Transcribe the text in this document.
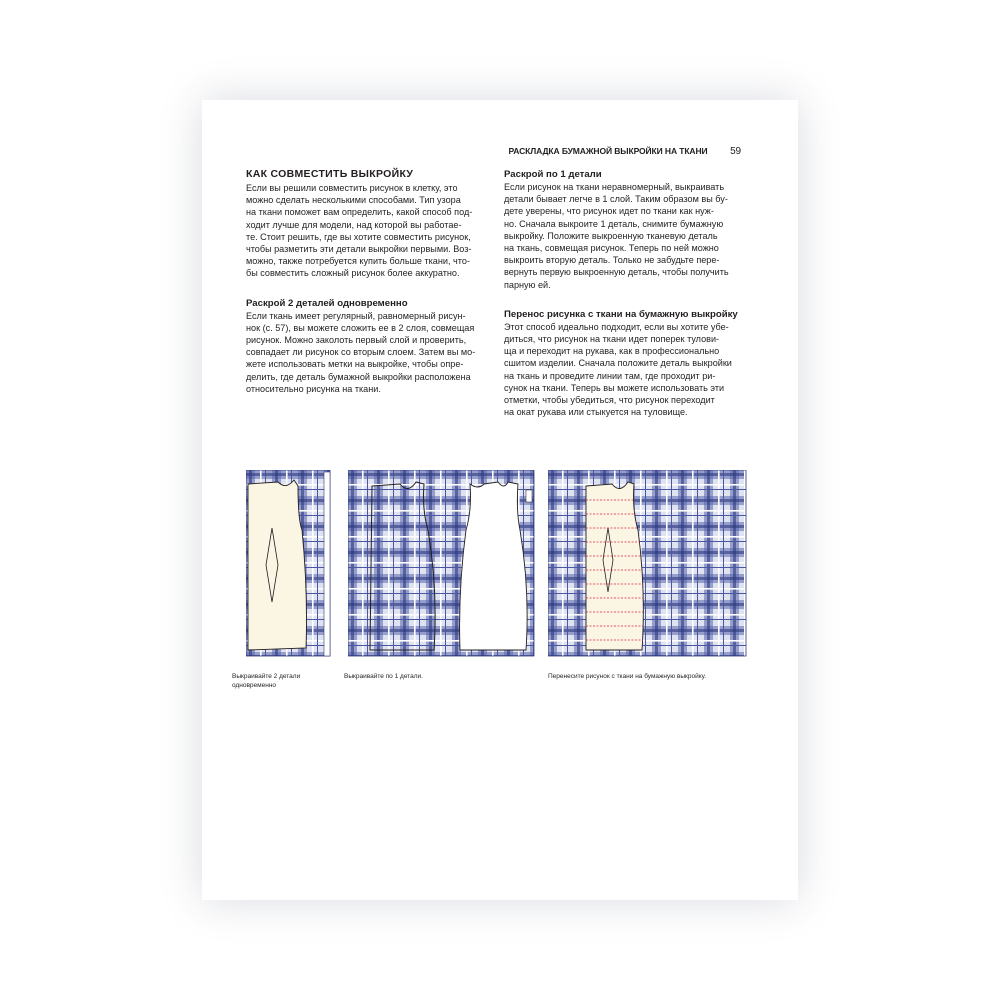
РАСКЛАДКА БУМАЖНОЙ ВЫКРОЙКИ НА ТКАНИ 59
КАК СОВМЕСТИТЬ ВЫКРОЙКУ
Если вы решили совместить рисунок в клетку, это
можно сделать несколькими способами. Тип узора
на ткани поможет вам определить, какой способ под-
ходит лучше для модели, над которой вы работае-
те. Стоит решить, где вы хотите совместить рисунок,
чтобы разметить эти детали выкройки первыми. Воз-
можно, также потребуется купить больше ткани, что-
бы совместить сложный рисунок более аккуратно.
Раскрой 2 деталей одновременно
Если ткань имеет регулярный, равномерный рисун-
нок (с. 57), вы можете сложить ее в 2 слоя, совмещая
рисунок. Можно заколоть первый слой и проверить,
совпадает ли рисунок со вторым слоем. Затем вы мо-
жете использовать метки на выкройке, чтобы опре-
делить, где деталь бумажной выкройки расположена
относительно рисунка на ткани.
Раскрой по 1 детали
Если рисунок на ткани неравномерный, выкраивать
детали бывает легче в 1 слой. Таким образом вы бу-
дете уверены, что рисунок идет по ткани как нуж-
но. Сначала выкроите 1 деталь, снимите бумажную
выкройку. Положите выкроенную тканевую деталь
на ткань, совмещая рисунок. Теперь по ней можно
выкроить вторую деталь. Только не забудьте пере-
вернуть первую выкроенную деталь, чтобы получить
парную ей.
Перенос рисунка с ткани на бумажную выкройку
Этот способ идеально подходит, если вы хотите убе-
диться, что рисунок на ткани идет поперек тулови-
ща и переходит на рукава, как в профессионально
сшитом изделии. Сначала положите деталь выкройки
на ткань и проведите линии там, где проходит ри-
сунок на ткани. Теперь вы можете использовать эти
отметки, чтобы убедиться, что рисунок переходит
на окат рукава или стыкуется на туловище.
Выкраивайте 2 детали
одновременно
Выкраивайте по 1 детали.	Перенесите рисунок с ткани на бумажную выкройку.
